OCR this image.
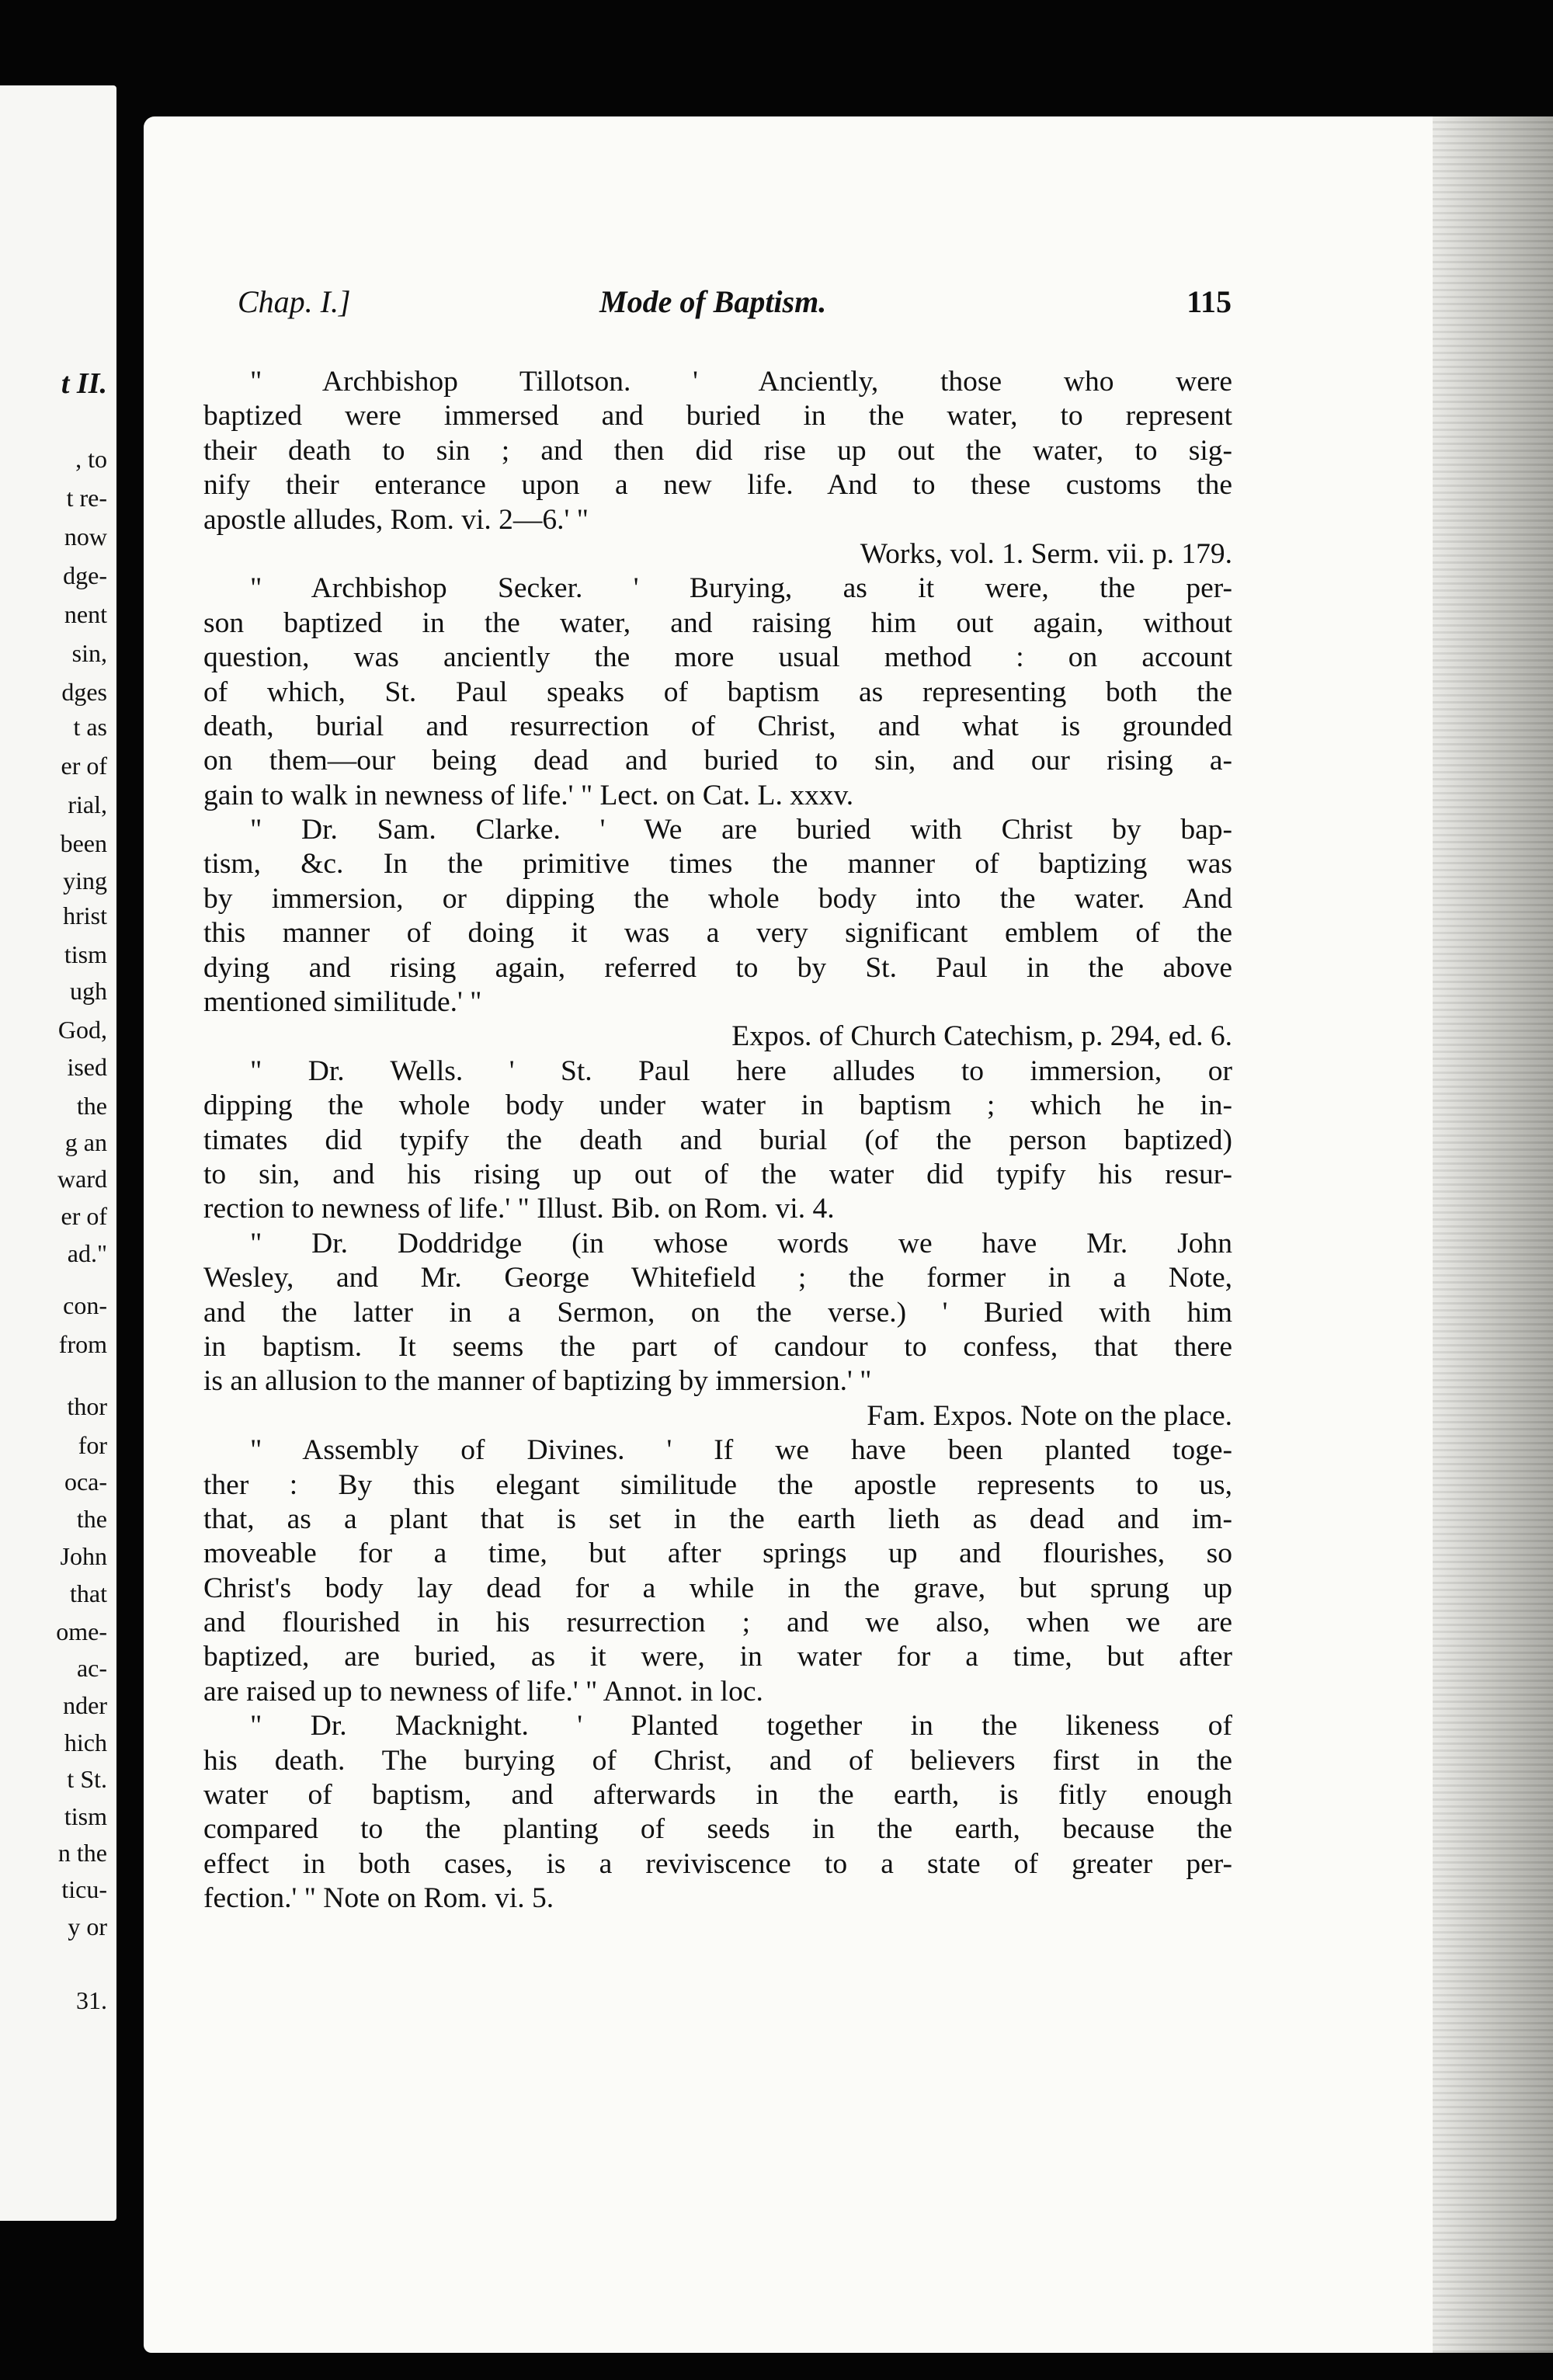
t II.
, to
t re-
now
dge-
nent
sin,
dges
t as
er of
rial,
been
ying
hrist
tism
ugh
God,
ised
the
g an
ward
er of
ad."
con-
from
thor
for
oca-
the
John
that
ome-
ac-
nder
hich
t St.
tism
n the
ticu-
y or
31.
Chap. I.]	Mode of Baptism.	115
" Archbishop Tillotson. ' Anciently, those who were
baptized were immersed and buried in the water, to represent
their death to sin ; and then did rise up out the water, to sig-
nify their enterance upon a new life. And to these customs the
apostle alludes, Rom. vi. 2—6.' "
Works, vol. 1. Serm. vii. p. 179.
" Archbishop Secker. ' Burying, as it were, the per-
son baptized in the water, and raising him out again, without
question, was anciently the more usual method : on account
of which, St. Paul speaks of baptism as representing both the
death, burial and resurrection of Christ, and what is grounded
on them—our being dead and buried to sin, and our rising a-
gain to walk in newness of life.' " Lect. on Cat. L. xxxv.
" Dr. Sam. Clarke. ' We are buried with Christ by bap-
tism, &c. In the primitive times the manner of baptizing was
by immersion, or dipping the whole body into the water. And
this manner of doing it was a very significant emblem of the
dying and rising again, referred to by St. Paul in the above
mentioned similitude.' "
Expos. of Church Catechism, p. 294, ed. 6.
" Dr. Wells. ' St. Paul here alludes to immersion, or
dipping the whole body under water in baptism ; which he in-
timates did typify the death and burial (of the person baptized)
to sin, and his rising up out of the water did typify his resur-
rection to newness of life.' " Illust. Bib. on Rom. vi. 4.
" Dr. Doddridge (in whose words we have Mr. John
Wesley, and Mr. George Whitefield ; the former in a Note,
and the latter in a Sermon, on the verse.) ' Buried with him
in baptism. It seems the part of candour to confess, that there
is an allusion to the manner of baptizing by immersion.' "
Fam. Expos. Note on the place.
" Assembly of Divines. ' If we have been planted toge-
ther : By this elegant similitude the apostle represents to us,
that, as a plant that is set in the earth lieth as dead and im-
moveable for a time, but after springs up and flourishes, so
Christ's body lay dead for a while in the grave, but sprung up
and flourished in his resurrection ; and we also, when we are
baptized, are buried, as it were, in water for a time, but after
are raised up to newness of life.' " Annot. in loc.
" Dr. Macknight. ' Planted together in the likeness of
his death. The burying of Christ, and of believers first in the
water of baptism, and afterwards in the earth, is fitly enough
compared to the planting of seeds in the earth, because the
effect in both cases, is a reviviscence to a state of greater per-
fection.' " Note on Rom. vi. 5.
